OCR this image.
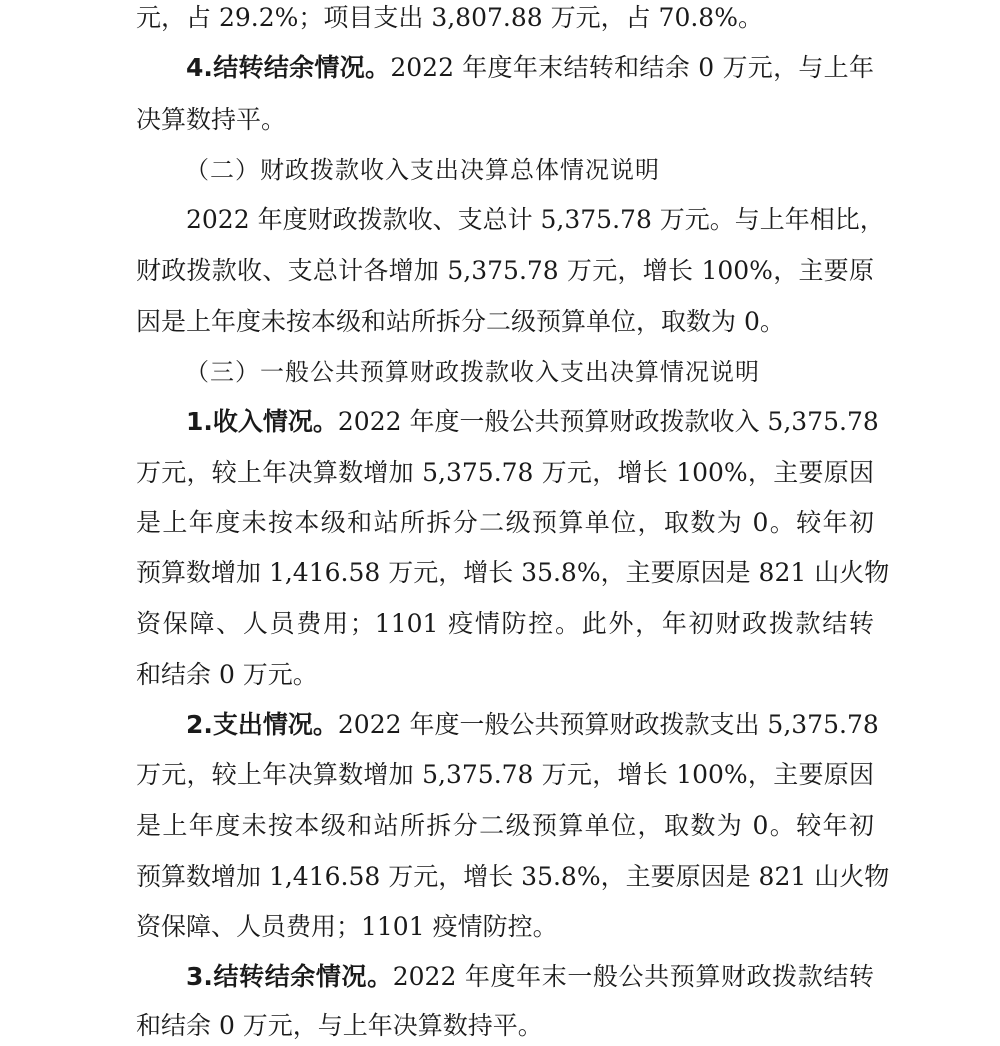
元，占 29.2%；项目支出 3,807.88 万元，占 70.8%。
4.结转结余情况。2022 年度年末结转和结余 0 万元，与上年
决算数持平。
（二）财政拨款收入支出决算总体情况说明
2022 年度财政拨款收、支总计 5,375.78 万元。与上年相比，
财政拨款收、支总计各增加 5,375.78 万元，增长 100%，主要原
因是上年度未按本级和站所拆分二级预算单位，取数为 0。
（三）一般公共预算财政拨款收入支出决算情况说明
1.收入情况。2022 年度一般公共预算财政拨款收入 5,375.78
万元，较上年决算数增加 5,375.78 万元，增长 100%，主要原因
是上年度未按本级和站所拆分二级预算单位，取数为 0。较年初
预算数增加 1,416.58 万元，增长 35.8%，主要原因是 821 山火物
资保障、人员费用；1101 疫情防控。此外，年初财政拨款结转
和结余 0 万元。
2.支出情况。2022 年度一般公共预算财政拨款支出 5,375.78
万元，较上年决算数增加 5,375.78 万元，增长 100%，主要原因
是上年度未按本级和站所拆分二级预算单位，取数为 0。较年初
预算数增加 1,416.58 万元，增长 35.8%，主要原因是 821 山火物
资保障、人员费用；1101 疫情防控。
3.结转结余情况。2022 年度年末一般公共预算财政拨款结转
和结余 0 万元，与上年决算数持平。
